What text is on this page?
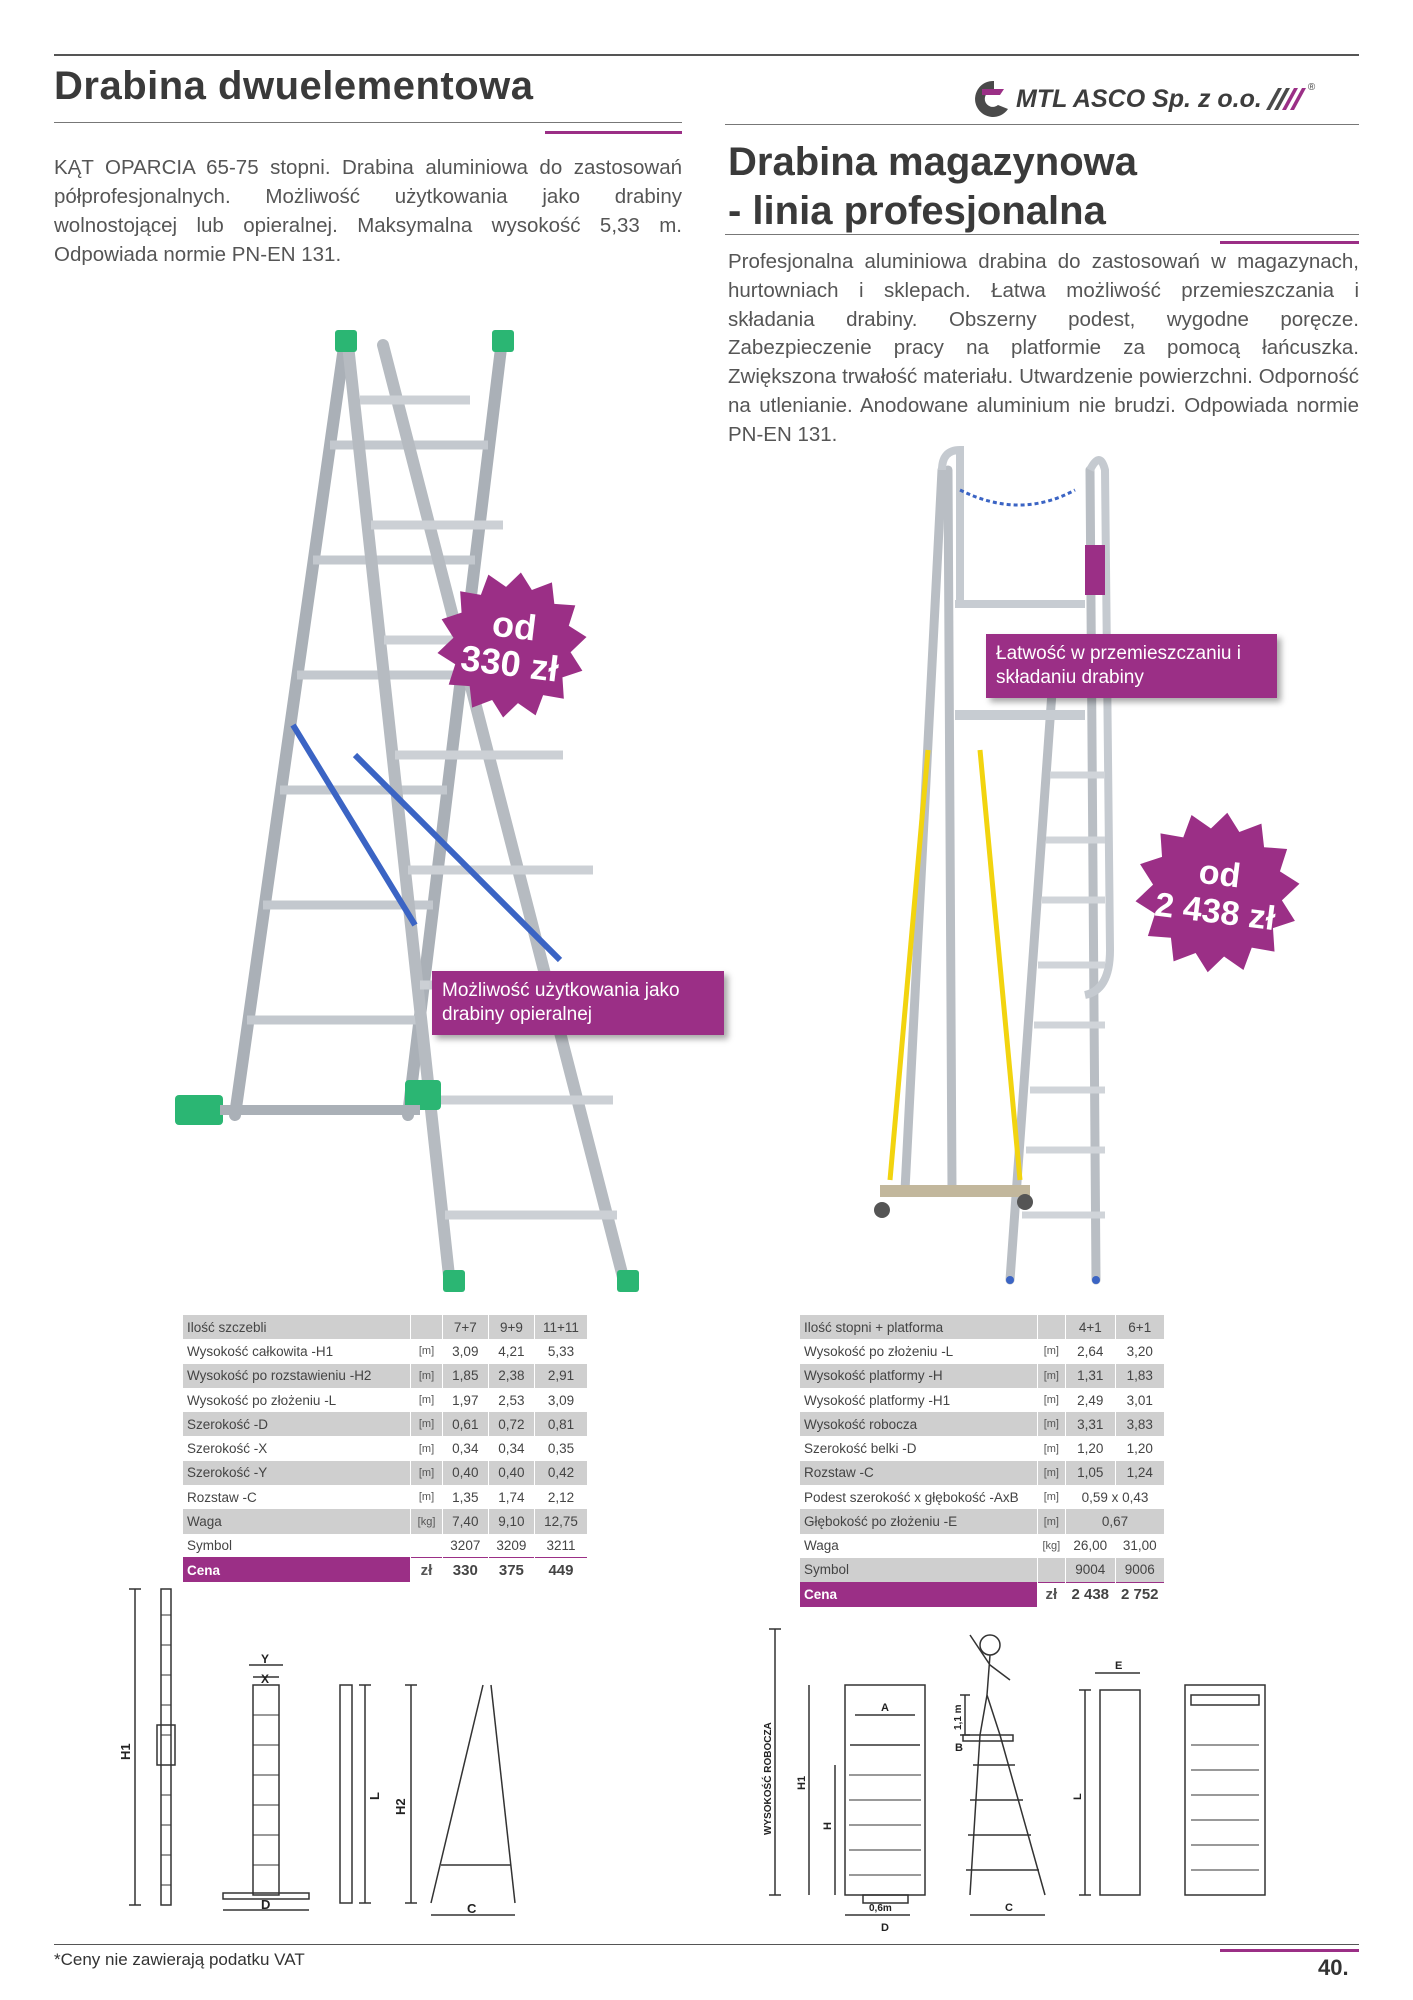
Drabina dwuelementowa	MTL ASCO Sp. z o.o.	®
Drabina magazynowa
- linia profesjonalna

KĄT OPARCIA 65-75 stopni. Drabina aluminiowa do zastosowań półprofesjonalnych. Możliwość użytkowania jako drabiny wolnostojącej lub opieralnej. Maksymalna wysokość 5,33 m. Odpowiada normie PN-EN 131.	Profesjonalna aluminiowa drabina do zastosowań w magazynach, hurtowniach i sklepach. Łatwa możliwość przemieszczania i składania drabiny. Obszerny podest, wygodne poręcze. Zabezpieczenie pracy na platformie za pomocą łańcuszka. Zwiększona trwałość materiału. Utwardzenie powierzchni. Odporność na utlenianie. Anodowane aluminium nie brudzi. Odpowiada normie PN-EN 131.

od
330 zł
od
2 438 zł
Możliwość użytkowania jako drabiny opieralnej
Łatwość w przemieszczaniu i składaniu drabiny
Ilość szczebli		7+7	9+9	11+11
Wysokość całkowita -H1	[m]	3,09	4,21	5,33
Wysokość po rozstawieniu -H2	[m]	1,85	2,38	2,91
Wysokość po złożeniu -L	[m]	1,97	2,53	3,09
Szerokość -D	[m]	0,61	0,72	0,81
Szerokość -X	[m]	0,34	0,34	0,35
Szerokość -Y	[m]	0,40	0,40	0,42
Rozstaw -C	[m]	1,35	1,74	2,12
Waga	[kg]	7,40	9,10	12,75
Symbol		3207	3209	3211
Cena	zł	330	375	449
Ilość stopni + platforma		4+1	6+1
Wysokość po złożeniu -L	[m]	2,64	3,20
Wysokość platformy -H	[m]	1,31	1,83
Wysokość platformy -H1	[m]	2,49	3,01
Wysokość robocza	[m]	3,31	3,83
Szerokość belki -D	[m]	1,20	1,20
Rozstaw -C	[m]	1,05	1,24
Podest szerokość x głębokość -AxB	[m]	0,59 x 0,43	
Głębokość po złożeniu -E	[m]	0,67	
Waga	[kg]	26,00	31,00
Symbol		9004	9006
Cena	zł	2 438	2 752
H1
Y
X
D
L
H2
C
WYSOKOŚĆ ROBOCZA H1
H
A
D
0,6m
1,1 m
B
C
E
L
*Ceny nie zawierają podatku VAT	40.
